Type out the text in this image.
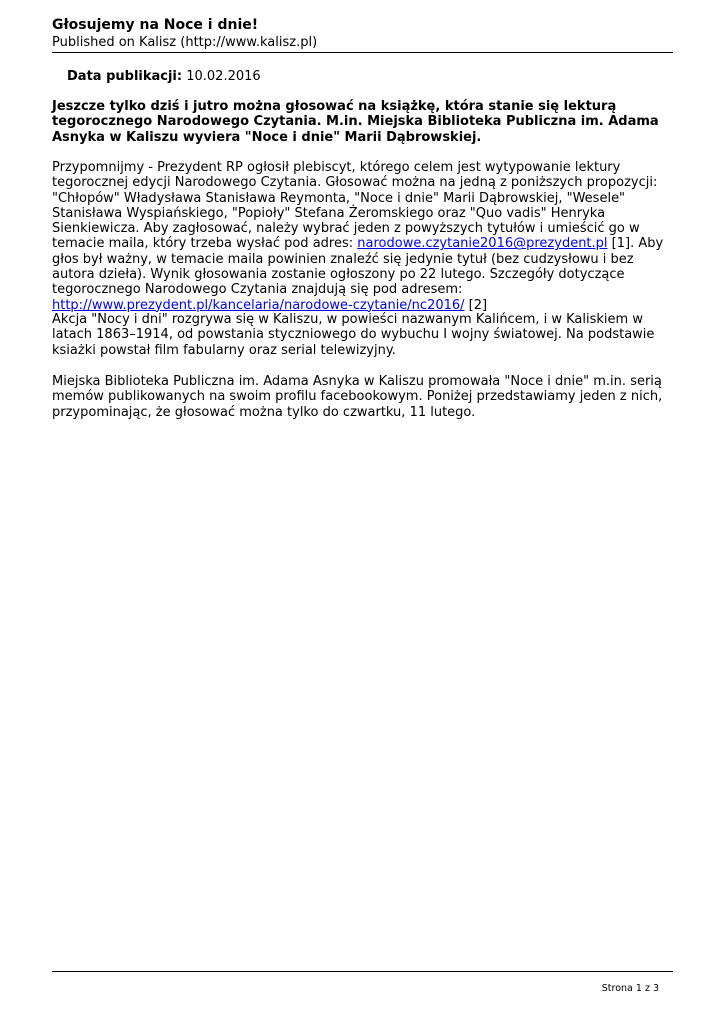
Głosujemy na Noce i dnie!
Published on Kalisz (http://www.kalisz.pl)
Data publikacji: 10.02.2016
Jeszcze tylko dziś i jutro można głosować na książkę, która stanie się lekturą tegorocznego Narodowego Czytania. M.in. Miejska Biblioteka Publiczna im. Adama Asnyka w Kaliszu wyviera "Noce i dnie" Marii Dąbrowskiej.
Przypomnijmy - Prezydent RP ogłosił plebiscyt, którego celem jest wytypowanie lektury tegorocznej edycji Narodowego Czytania. Głosować można na jedną z poniższych propozycji: "Chłopów" Władysława Stanisława Reymonta, "Noce i dnie" Marii Dąbrowskiej, "Wesele" Stanisława Wyspiańskiego, "Popioły" Stefana Żeromskiego oraz "Quo vadis" Henryka Sienkiewicza. Aby zagłosować, należy wybrać jeden z powyższych tytułów i umieścić go w temacie maila, który trzeba wysłać pod adres: narodowe.czytanie2016@prezydent.pl [1]. Aby głos był ważny, w temacie maila powinien znaleźć się jedynie tytuł (bez cudzysłowu i bez autora dzieła). Wynik głosowania zostanie ogłoszony po 22 lutego. Szczegóły dotyczące tegorocznego Narodowego Czytania znajdują się pod adresem: http://www.prezydent.pl/kancelaria/narodowe-czytanie/nc2016/ [2]
Akcja "Nocy i dni" rozgrywa się w Kaliszu, w powieści nazwanym Kalińcem, i w Kaliskiem w latach 1863–1914, od powstania styczniowego do wybuchu I wojny światowej. Na podstawie ksiażki powstał film fabularny oraz serial telewizyjny.
Miejska Biblioteka Publiczna im. Adama Asnyka w Kaliszu promowała "Noce i dnie" m.in. serią memów publikowanych na swoim profilu facebookowym. Poniżej przedstawiamy jeden z nich, przypominając, że głosować można tylko do czwartku, 11 lutego.
Strona 1 z 3
